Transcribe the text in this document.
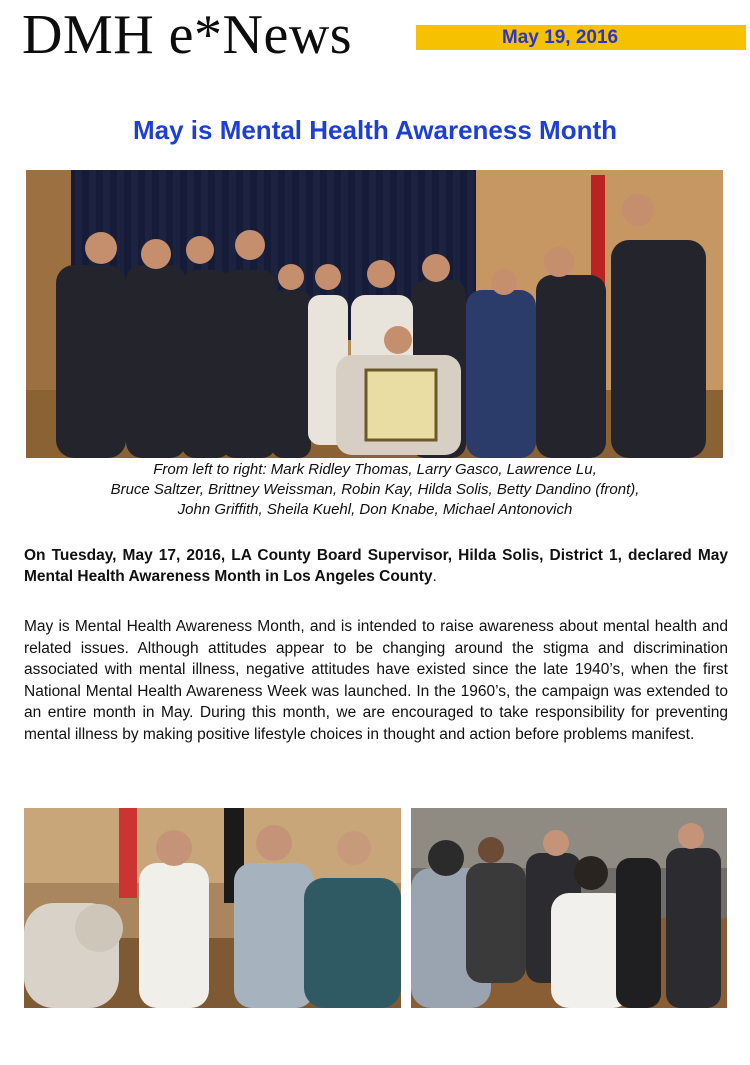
DMH e*News	May 19, 2016
May is Mental Health Awareness Month
From left to right: Mark Ridley Thomas, Larry Gasco, Lawrence Lu,
Bruce Saltzer, Brittney Weissman, Robin Kay, Hilda Solis, Betty Dandino (front),
John Griffith, Sheila Kuehl, Don Knabe, Michael Antonovich
On Tuesday, May 17, 2016, LA County Board Supervisor, Hilda Solis, District 1, declared May Mental Health Awareness Month in Los Angeles County.
May is Mental Health Awareness Month, and is intended to raise awareness about mental health and related issues. Although attitudes appear to be changing around the stigma and discrimination associated with mental illness, negative attitudes have existed since the late 1940’s, when the first National Mental Health Awareness Week was launched. In the 1960’s, the campaign was extended to an entire month in May. During this month, we are encouraged to take responsibility for preventing mental illness by making positive lifestyle choices in thought and action before problems manifest.
